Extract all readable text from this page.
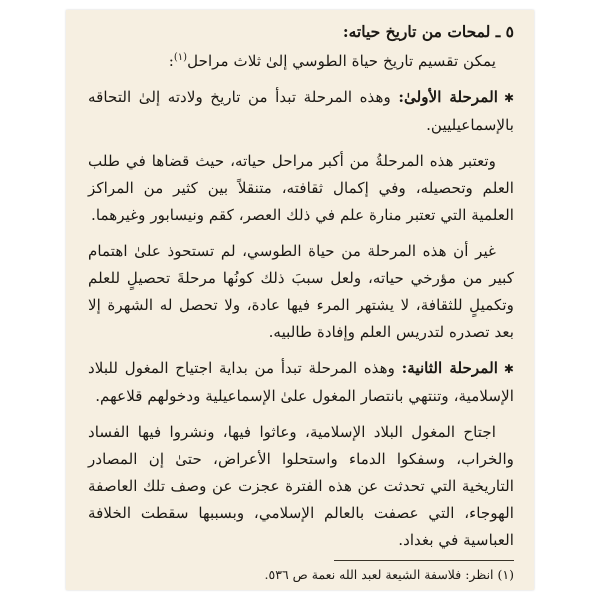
٥ ـ لمحات من تاريخ حياته:

يمكن تقسيم تاريخ حياة الطوسي إلىٰ ثلاث مراحل$^{(١)}$:

✱المرحلة الأولىٰ: وهذه المرحلة تبدأ من تاريخ ولادته إلىٰ التحاقه بالإسماعيليين.

وتعتبر هذه المرحلةُ من أكبر مراحل حياته، حيث قضاها في طلب العلم وتحصيله، وفي إكمال ثقافته، متنقلاً بين كثير من المراكز العلمية التي تعتبر منارة علم في ذلك العصر، كقم ونيسابور وغيرهما.

غير أن هذه المرحلة من حياة الطوسي، لم تستحوذ علىٰ اهتمام كبير من مؤرخي حياته، ولعل سببَ ذلك كونُها مرحلةَ تحصيلٍ للعلم وتكميلٍ للثقافة، لا يشتهر المرء فيها عادة، ولا تحصل له الشهرة إلا بعد تصدره لتدريس العلم وإفادة طالبيه.

✱المرحلة الثانية: وهذه المرحلة تبدأ من بداية اجتياح المغول للبلاد الإسلامية، وتنتهي بانتصار المغول علىٰ الإسماعيلية ودخولهم قلاعهم.

اجتاح المغول البلاد الإسلامية، وعاثوا فيها، ونشروا فيها الفساد والخراب، وسفكوا الدماء واستحلوا الأعراض، حتىٰ إن المصادر التاريخية التي تحدثت عن هذه الفترة عجزت عن وصف تلك العاصفة الهوجاء، التي عصفت بالعالم الإسلامي، وبسببها سقطت الخلافة العباسية في بغداد.

(١) انظر: فلاسفة الشيعة لعبد الله نعمة ص ٥٣٦.
